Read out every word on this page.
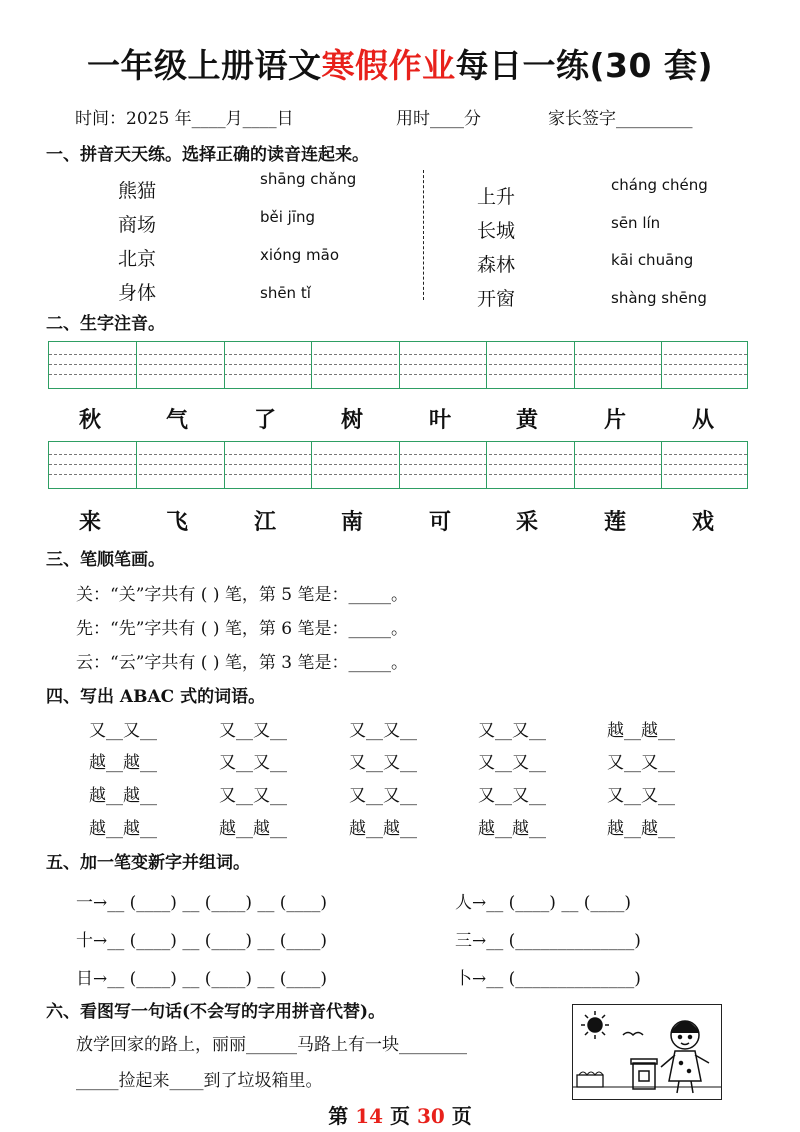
一年级上册语文寒假作业每日一练(30 套)
时间：2025 年____月____日	用时____分	家长签字_________
一、拼音天天练。选择正确的读音连起来。
熊猫
商场
北京
身体
shāng chǎng
běi jīng
xióng māo
shēn tǐ
上升
长城
森林
开窗
cháng chéng
sēn lín
kāi chuāng
shàng shēng
二、生字注音。
秋	气	了	树	叶	黄	片	从
来	飞	江	南	可	采	莲	戏
三、笔顺笔画。
关：“关”字共有 ( ) 笔，第 5 笔是：_____。
先：“先”字共有 ( ) 笔，第 6 笔是：_____。
云：“云”字共有 ( ) 笔，第 3 笔是：_____。
四、写出 ABAC 式的词语。
又__又__	又__又__	又__又__	又__又__	越__越__
越__越__	又__又__	又__又__	又__又__	又__又__
越__越__	又__又__	又__又__	又__又__	又__又__
越__越__	越__越__	越__越__	越__越__	越__越__
五、加一笔变新字并组词。
一→__ (____) __ (____) __ (____)
十→__ (____) __ (____) __ (____)
日→__ (____) __ (____) __ (____)
人→__ (____) __ (____)
三→__ (______________)
卜→__ (______________)
六、看图写一句话(不会写的字用拼音代替)。
放学回家的路上，丽丽______马路上有一块________
_____捡起来____到了垃圾箱里。
第 14 页 30 页
